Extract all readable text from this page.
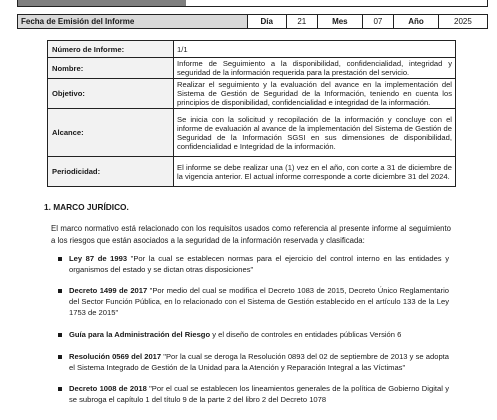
Fecha de Emisión del Informe	Día	21	Mes	07	Año	2025
Número de Informe:	1/1
Nombre:	Informe de Seguimiento a la disponibilidad, confidencialidad, integridad y seguridad de la información requerida para la prestación del servicio.
Objetivo:	Realizar el seguimiento y la evaluación del avance en la implementación del Sistema de Gestión de Seguridad de la Información, teniendo en cuenta los principios de disponibilidad, confidencialidad e integridad de la información.
Alcance:	Se inicia con la solicitud y recopilación de la información y concluye con el informe de evaluación al avance de la implementación del Sistema de Gestión de Seguridad de la Información SGSI en sus dimensiones de disponibilidad, confidencialidad e Integridad de la información.
Periodicidad:	El informe se debe realizar una (1) vez en el año, con corte a 31 de diciembre de la vigencia anterior. El actual informe corresponde a corte diciembre 31 del 2024.
1. MARCO JURÍDICO.

El marco normativo está relacionado con los requisitos usados como referencia al presente informe al seguimiento a los riesgos que están asociados a la seguridad de la información reservada y clasificada:

Ley 87 de 1993 "Por la cual se establecen normas para el ejercicio del control interno en las entidades y organismos del estado y se dictan otras disposiciones"
Decreto 1499 de 2017 "Por medio del cual se modifica el Decreto 1083 de 2015, Decreto Único Reglamentario del Sector Función Pública, en lo relacionado con el Sistema de Gestión establecido en el artículo 133 de la Ley 1753 de 2015"
Guía para la Administración del Riesgo y el diseño de controles en entidades públicas Versión 6
Resolución 0569 del 2017 "Por la cual se deroga la Resolución 0893 del 02 de septiembre de 2013 y se adopta el Sistema Integrado de Gestión de la Unidad para la Atención y Reparación Integral a las Víctimas"
Decreto 1008 de 2018 "Por el cual se establecen los lineamientos generales de la política de Gobierno Digital y se subroga el capítulo 1 del título 9 de la parte 2 del libro 2 del Decreto 1078
